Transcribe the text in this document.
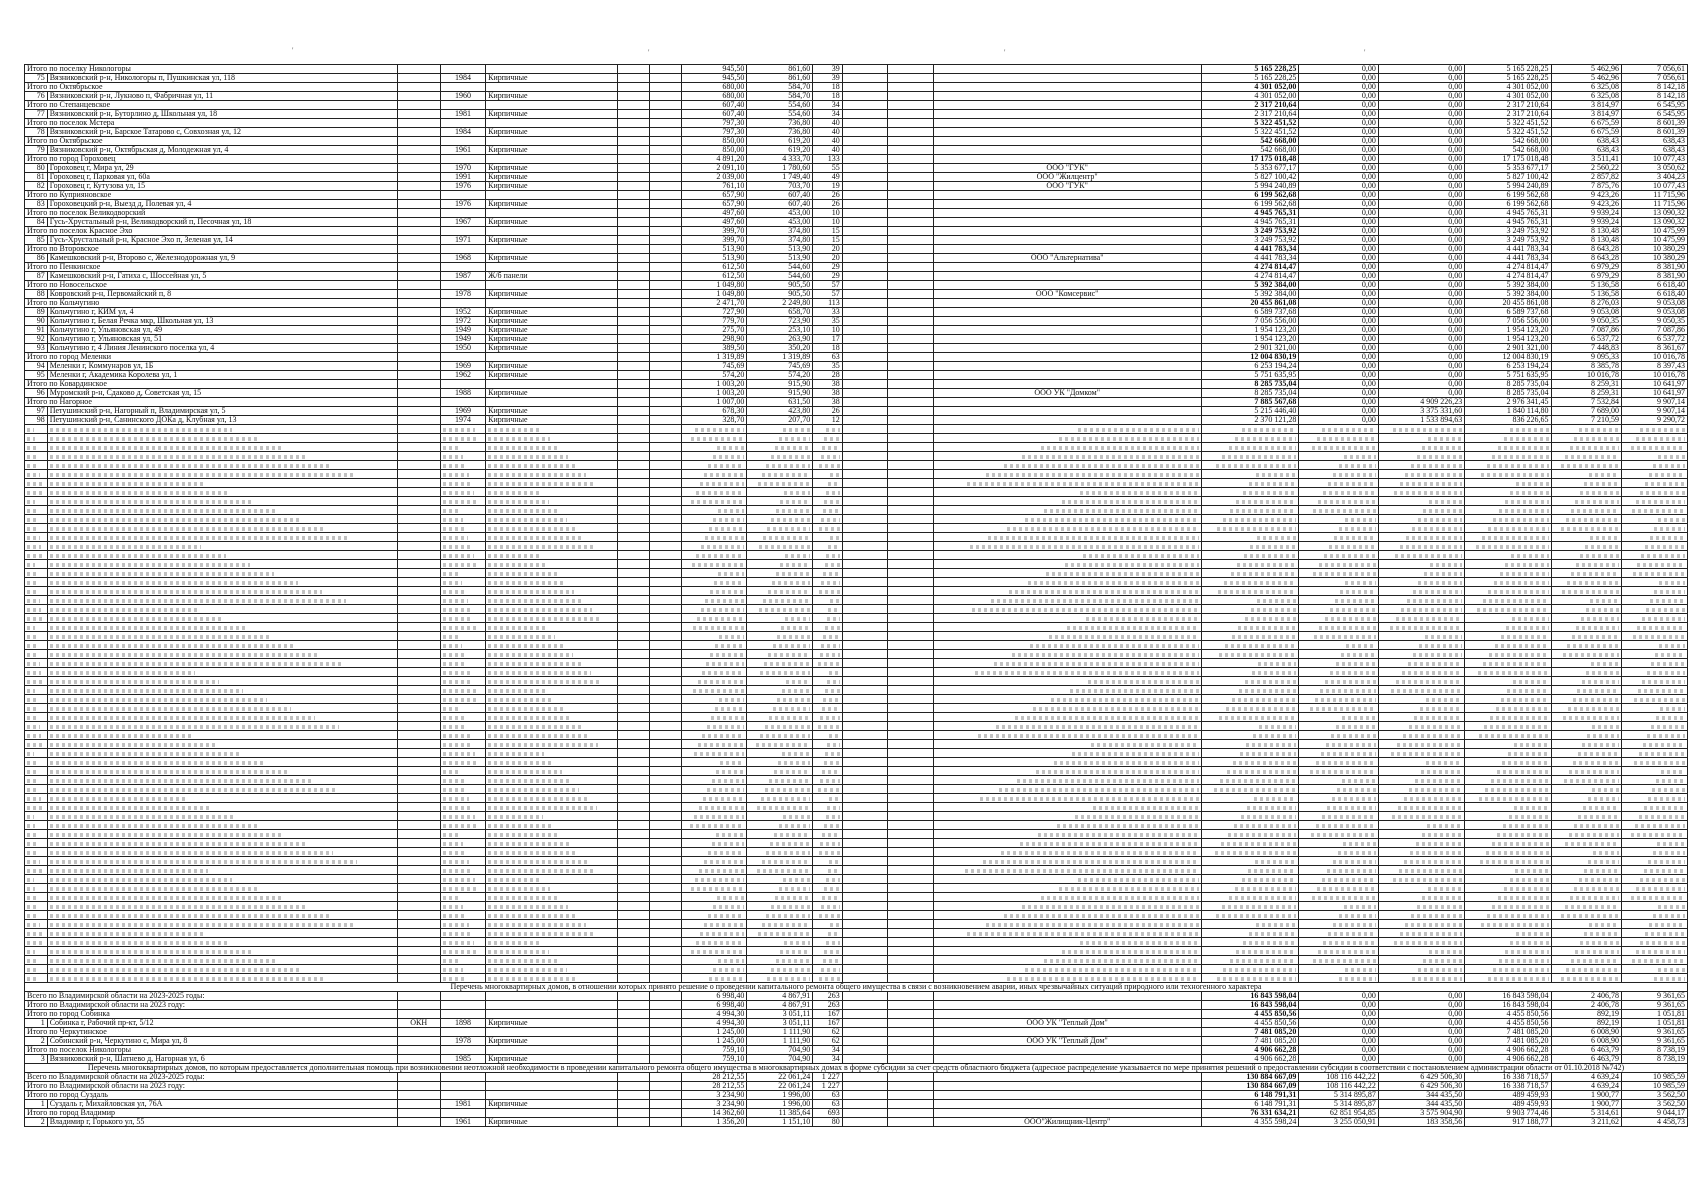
'	'	'	'
Итого по поселку Никологоры							945,50	861,60	39				5 165 228,25	0,00	0,00	5 165 228,25	5 462,96	7 056,61
75	Вязниковский р-н, Никологоры п, Пушкинская ул, 118		1984	Кирпичные			945,50	861,60	39				5 165 228,25	0,00	0,00	5 165 228,25	5 462,96	7 056,61
Итого по Октябрьское							680,00	584,70	18				4 301 052,00	0,00	0,00	4 301 052,00	6 325,08	8 142,18
76	Вязниковский р-н, Лукново п, Фабричная ул, 11		1960	Кирпичные			680,00	584,70	18				4 301 052,00	0,00	0,00	4 301 052,00	6 325,08	8 142,18
Итого по Степанцевское							607,40	554,60	34				2 317 210,64	0,00	0,00	2 317 210,64	3 814,97	6 545,95
77	Вязниковский р-н, Буторлино д, Школьная ул, 18		1981	Кирпичные			607,40	554,60	34				2 317 210,64	0,00	0,00	2 317 210,64	3 814,97	6 545,95
Итого по поселок Мстера							797,30	736,80	40				5 322 451,52	0,00	0,00	5 322 451,52	6 675,59	8 601,39
78	Вязниковский р-н, Барское Татарово с, Совхозная ул, 12		1984	Кирпичные			797,30	736,80	40				5 322 451,52	0,00	0,00	5 322 451,52	6 675,59	8 601,39
Итого по Октябрьское							850,00	619,20	40				542 668,00	0,00	0,00	542 668,00	638,43	638,43
79	Вязниковский р-н, Октябрьская д, Молодежная ул, 4		1961	Кирпичные			850,00	619,20	40				542 668,00	0,00	0,00	542 668,00	638,43	638,43
Итого по город Гороховец							4 891,20	4 333,70	133				17 175 018,48	0,00	0,00	17 175 018,48	3 511,41	10 077,43
80	Гороховец г, Мира ул, 29		1970	Кирпичные			2 091,10	1 780,60	55			ООО "ГУК"	5 353 677,17	0,00	0,00	5 353 677,17	2 560,22	3 050,62
81	Гороховец г, Парковая ул, 60а		1991	Кирпичные			2 039,00	1 749,40	49			ООО "Жилцентр"	5 827 100,42	0,00	0,00	5 827 100,42	2 857,82	3 404,23
82	Гороховец г, Кутузова ул, 15		1976	Кирпичные			761,10	703,70	19			ООО "ГУК"	5 994 240,89	0,00	0,00	5 994 240,89	7 875,76	10 077,43
Итого по Куприяновское							657,90	607,40	26				6 199 562,68	0,00	0,00	6 199 562,68	9 423,26	11 715,96
83	Гороховецкий р-н, Выезд д, Полевая ул, 4		1976	Кирпичные			657,90	607,40	26				6 199 562,68	0,00	0,00	6 199 562,68	9 423,26	11 715,96
Итого по поселок Великодворский							497,60	453,00	10				4 945 765,31	0,00	0,00	4 945 765,31	9 939,24	13 090,32
84	Гусь-Хрустальный р-н, Великодворский п, Песочная ул, 18		1967	Кирпичные			497,60	453,00	10				4 945 765,31	0,00	0,00	4 945 765,31	9 939,24	13 090,32
Итого по поселок Красное Эхо							399,70	374,80	15				3 249 753,92	0,00	0,00	3 249 753,92	8 130,48	10 475,99
85	Гусь-Хрустальный р-н, Красное Эхо п, Зеленая ул, 14		1971	Кирпичные			399,70	374,80	15				3 249 753,92	0,00	0,00	3 249 753,92	8 130,48	10 475,99
Итого по Второвское							513,90	513,90	20				4 441 783,34	0,00	0,00	4 441 783,34	8 643,28	10 380,29
86	Камешковский р-н, Второво с, Железнодорожная ул, 9		1968	Кирпичные			513,90	513,90	20			ООО "Альтернатива"	4 441 783,34	0,00	0,00	4 441 783,34	8 643,28	10 380,29
Итого по Пенкинское							612,50	544,60	29				4 274 814,47	0,00	0,00	4 274 814,47	6 979,29	8 381,90
87	Камешковский р-н, Гатиха с, Шоссейная ул, 5		1987	Ж/б панели			612,50	544,60	29				4 274 814,47	0,00	0,00	4 274 814,47	6 979,29	8 381,90
Итого по Новосельское							1 049,80	905,50	57				5 392 384,00	0,00	0,00	5 392 384,00	5 136,58	6 618,40
88	Ковровский р-н, Первомайский п, 8		1978	Кирпичные			1 049,80	905,50	57			ООО "Комсервис"	5 392 384,00	0,00	0,00	5 392 384,00	5 136,58	6 618,40
Итого по Кольчугино							2 471,70	2 249,80	113				20 455 861,08	0,00	0,00	20 455 861,08	8 276,03	9 053,08
89	Кольчугино г, КИМ ул, 4		1952	Кирпичные			727,90	658,70	33				6 589 737,68	0,00	0,00	6 589 737,68	9 053,08	9 053,08
90	Кольчугино г, Белая Речка мкр, Школьная ул, 13		1972	Кирпичные			779,70	723,90	35				7 056 556,00	0,00	0,00	7 056 556,00	9 050,35	9 050,35
91	Кольчугино г, Ульяновская ул, 49		1949	Кирпичные			275,70	253,10	10				1 954 123,20	0,00	0,00	1 954 123,20	7 087,86	7 087,86
92	Кольчугино г, Ульяновская ул, 51		1949	Кирпичные			298,90	263,90	17				1 954 123,20	0,00	0,00	1 954 123,20	6 537,72	6 537,72
93	Кольчугино г, 4 Линия Ленинского поселка ул, 4		1950	Кирпичные			389,50	350,20	18				2 901 321,00	0,00	0,00	2 901 321,00	7 448,83	8 361,67
Итого по город Меленки							1 319,89	1 319,89	63				12 004 830,19	0,00	0,00	12 004 830,19	9 095,33	10 016,78
94	Меленки г, Коммунаров ул, 1Б		1969	Кирпичные			745,69	745,69	35				6 253 194,24	0,00	0,00	6 253 194,24	8 385,78	8 397,43
95	Меленки г, Академика Королева ул, 1		1962	Кирпичные			574,20	574,20	28				5 751 635,95	0,00	0,00	5 751 635,95	10 016,78	10 016,78
Итого по Ковардинское							1 003,20	915,90	38				8 285 735,04	0,00	0,00	8 285 735,04	8 259,31	10 641,97
96	Муромский р-н, Сдаково д, Советская ул, 15		1988	Кирпичные			1 003,20	915,90	38			ООО УК "Домком"	8 285 735,04	0,00	0,00	8 285 735,04	8 259,31	10 641,97
Итого по Нагорное							1 007,00	631,50	38				7 885 567,68	0,00	4 909 226,23	2 976 341,45	7 532,84	9 907,14
97	Петушинский р-н, Нагорный п, Владимирская ул, 5		1969	Кирпичные			678,30	423,80	26				5 215 446,40	0,00	3 375 331,60	1 840 114,80	7 689,00	9 907,14
98	Петушинский р-н, Санинского ДОКа д, Клубная ул, 13		1974	Кирпичные			328,70	207,70	12				2 370 121,28	0,00	1 533 894,63	836 226,65	7 210,59	9 290,72

Перечень многоквартирных домов, в отношении которых принято решение о проведении капитального ремонта общего имущества в связи с возникновением аварии, иных чрезвычайных ситуаций природного или техногенного характера																		
Всего по Владимирской области на 2023-2025 годы:							6 998,40	4 867,91	263				16 843 598,04	0,00	0,00	16 843 598,04	2 406,78	9 361,65
Итого по Владимирской области на 2023 году:							6 998,40	4 867,91	263				16 843 598,04	0,00	0,00	16 843 598,04	2 406,78	9 361,65
Итого по город Собинка							4 994,30	3 051,11	167				4 455 850,56	0,00	0,00	4 455 850,56	892,19	1 051,81
1	Собинка г, Рабочий пр-кт, 5/12	ОКН	1898	Кирпичные			4 994,30	3 051,11	167			ООО УК "Теплый Дом"	4 455 850,56	0,00	0,00	4 455 850,56	892,19	1 051,81
Итого по Черкутинское							1 245,00	1 111,90	62				7 481 085,20	0,00	0,00	7 481 085,20	6 008,90	9 361,65
2	Собинский р-н, Черкутино с, Мира ул, 8		1978	Кирпичные			1 245,00	1 111,90	62			ООО УК "Теплый Дом"	7 481 085,20	0,00	0,00	7 481 085,20	6 008,90	9 361,65
Итого по поселок Никологоры							759,10	704,90	34				4 906 662,28	0,00	0,00	4 906 662,28	6 463,79	8 738,19
3	Вязниковский р-н, Шатнево д, Нагорная ул, 6		1985	Кирпичные			759,10	704,90	34				4 906 662,28	0,00	0,00	4 906 662,28	6 463,79	8 738,19
Перечень многоквартирных домов, по которым предоставляется дополнительная помощь при возникновении неотложной необходимости в проведении капитального ремонта общего имущества в многоквартирных домах в форме субсидии за счет средств областного бюджета (адресное распределение указывается по мере принятия решений о предоставлении субсидии в соответствии с постановлением администрации области от 01.10.2018 №742)																		
Всего по Владимирской области на 2023-2025 годы:							28 212,55	22 061,24	1 227				130 884 667,09	108 116 442,22	6 429 506,30	16 338 718,57	4 639,24	10 985,59
Итого по Владимирской области на 2023 году:							28 212,55	22 061,24	1 227				130 884 667,09	108 116 442,22	6 429 506,30	16 338 718,57	4 639,24	10 985,59
Итого по город Суздаль							3 234,90	1 996,00	63				6 148 791,31	5 314 895,87	344 435,50	489 459,93	1 900,77	3 562,50
1	Суздаль г, Михайловская ул, 76А		1981	Кирпичные			3 234,90	1 996,00	63				6 148 791,31	5 314 895,87	344 435,50	489 459,93	1 900,77	3 562,50
Итого по город Владимир							14 362,60	11 385,64	693				76 331 634,21	62 851 954,85	3 575 904,90	9 903 774,46	5 314,61	9 044,17
2	Владимир г, Горького ул, 55		1961	Кирпичные			1 356,20	1 151,10	80			ООО"Жилищник-Центр"	4 355 598,24	3 255 050,91	183 358,56	917 188,77	3 211,62	4 458,73
